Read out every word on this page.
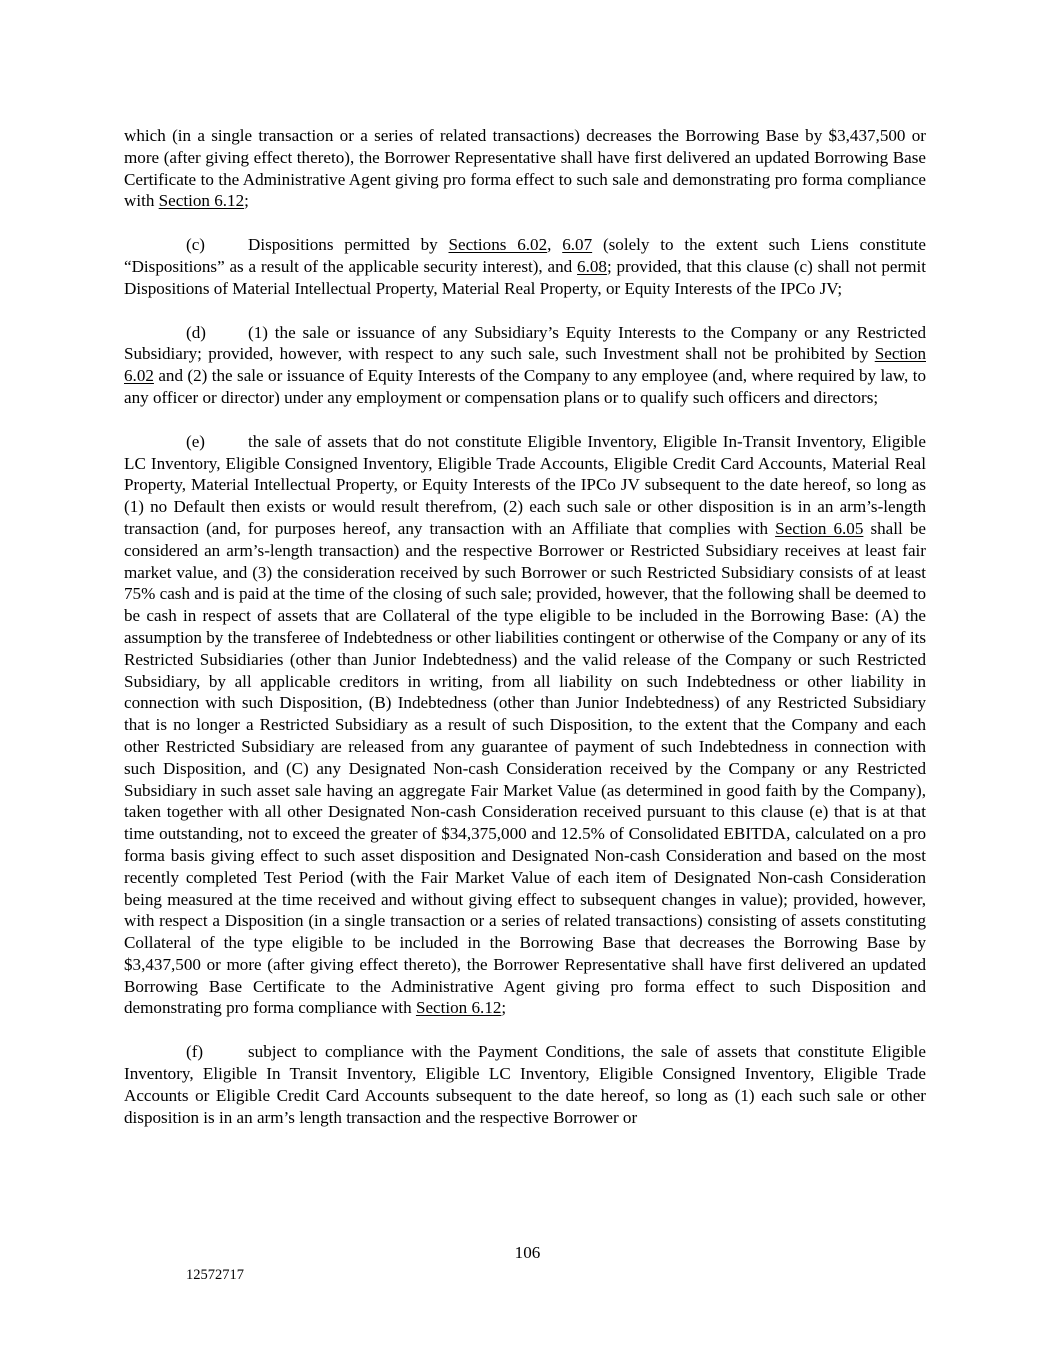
which (in a single transaction or a series of related transactions) decreases the Borrowing Base by $3,437,500 or more (after giving effect thereto), the Borrower Representative shall have first delivered an updated Borrowing Base Certificate to the Administrative Agent giving pro forma effect to such sale and demonstrating pro forma compliance with Section 6.12;

(c)	Dispositions permitted by Sections 6.02, 6.07 (solely to the extent such Liens constitute “Dispositions” as a result of the applicable security interest), and 6.08; provided, that this clause (c) shall not permit Dispositions of Material Intellectual Property, Material Real Property, or Equity Interests of the IPCo JV;

(d) (1) the sale or issuance of any Subsidiary’s Equity Interests to the Company or any Restricted Subsidiary; provided, however, with respect to any such sale, such Investment shall not be prohibited by Section 6.02 and (2) the sale or issuance of Equity Interests of the Company to any employee (and, where required by law, to any officer or director) under any employment or compensation plans or to qualify such officers and directors;

(e)	the sale of assets that do not constitute Eligible Inventory, Eligible In-Transit Inventory, Eligible LC Inventory, Eligible Consigned Inventory, Eligible Trade Accounts, Eligible Credit Card Accounts, Material Real Property, Material Intellectual Property, or Equity Interests of the IPCo JV subsequent to the date hereof, so long as (1) no Default then exists or would result therefrom, (2) each such sale or other disposition is in an arm’s-length transaction (and, for purposes hereof, any transaction with an Affiliate that complies with Section 6.05 shall be considered an arm’s-length transaction) and the respective Borrower or Restricted Subsidiary receives at least fair market value, and (3) the consideration received by such Borrower or such Restricted Subsidiary consists of at least 75% cash and is paid at the time of the closing of such sale; provided, however, that the following shall be deemed to be cash in respect of assets that are Collateral of the type eligible to be included in the Borrowing Base: (A) the assumption by the transferee of Indebtedness or other liabilities contingent or otherwise of the Company or any of its Restricted Subsidiaries (other than Junior Indebtedness) and the valid release of the Company or such Restricted Subsidiary, by all applicable creditors in writing, from all liability on such Indebtedness or other liability in connection with such Disposition, (B) Indebtedness (other than Junior Indebtedness) of any Restricted Subsidiary that is no longer a Restricted Subsidiary as a result of such Disposition, to the extent that the Company and each other Restricted Subsidiary are released from any guarantee of payment of such Indebtedness in connection with such Disposition, and (C) any Designated Non-cash Consideration received by the Company or any Restricted Subsidiary in such asset sale having an aggregate Fair Market Value (as determined in good faith by the Company), taken together with all other Designated Non-cash Consideration received pursuant to this clause (e) that is at that time outstanding, not to exceed the greater of $34,375,000 and 12.5% of Consolidated EBITDA, calculated on a pro forma basis giving effect to such asset disposition and Designated Non-cash Consideration and based on the most recently completed Test Period (with the Fair Market Value of each item of Designated Non-cash Consideration being measured at the time received and without giving effect to subsequent changes in value); provided, however, with respect a Disposition (in a single transaction or a series of related transactions) consisting of assets constituting Collateral of the type eligible to be included in the Borrowing Base that decreases the Borrowing Base by $3,437,500 or more (after giving effect thereto), the Borrower Representative shall have first delivered an updated Borrowing Base Certificate to the Administrative Agent giving pro forma effect to such Disposition and demonstrating pro forma compliance with Section 6.12;

(f)	subject to compliance with the Payment Conditions, the sale of assets that constitute Eligible Inventory, Eligible In Transit Inventory, Eligible LC Inventory, Eligible Consigned Inventory, Eligible Trade Accounts or Eligible Credit Card Accounts subsequent to the date hereof, so long as (1) each such sale or other disposition is in an arm’s length transaction and the respective Borrower or

106
12572717
